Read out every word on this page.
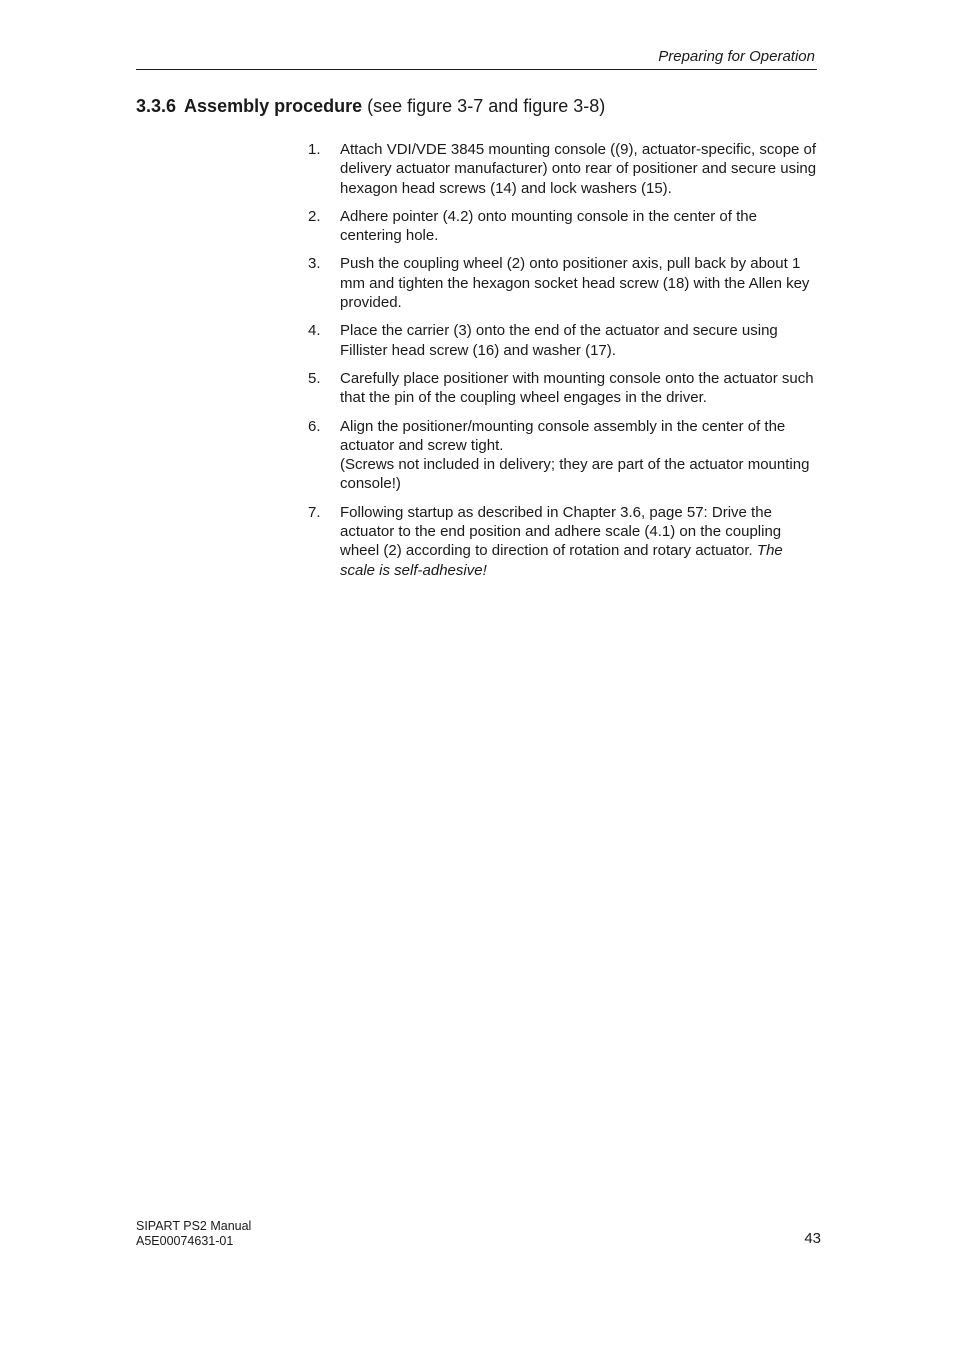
Preparing for Operation
3.3.6 Assembly procedure (see figure 3-7 and figure 3-8)
1. Attach VDI/VDE 3845 mounting console ((9), actuator‑specific, scope of delivery actuator manufacturer) onto rear of positioner and secure using hexagon head screws (14) and lock washers (15).
2. Adhere pointer (4.2) onto mounting console in the center of the centering hole.
3. Push the coupling wheel (2) onto positioner axis, pull back by about 1 mm and tighten the hexagon socket head screw (18) with the Allen key provided.
4. Place the carrier (3) onto the end of the actuator and secure using Fillister head screw (16) and washer (17).
5. Carefully place positioner with mounting console onto the actuator such that the pin of the coupling wheel engages in the driver.
6. Align the positioner/mounting console assembly in the center of the actuator and screw tight.
(Screws not included in delivery; they are part of the actuator mounting console!)
7. Following startup as described in Chapter 3.6, page 57: Drive the actuator to the end position and adhere scale (4.1) on the coupling wheel (2) according to direction of rotation and rotary actuator. The scale is self‑adhesive!
SIPART PS2 Manual
A5E00074631-01	43
